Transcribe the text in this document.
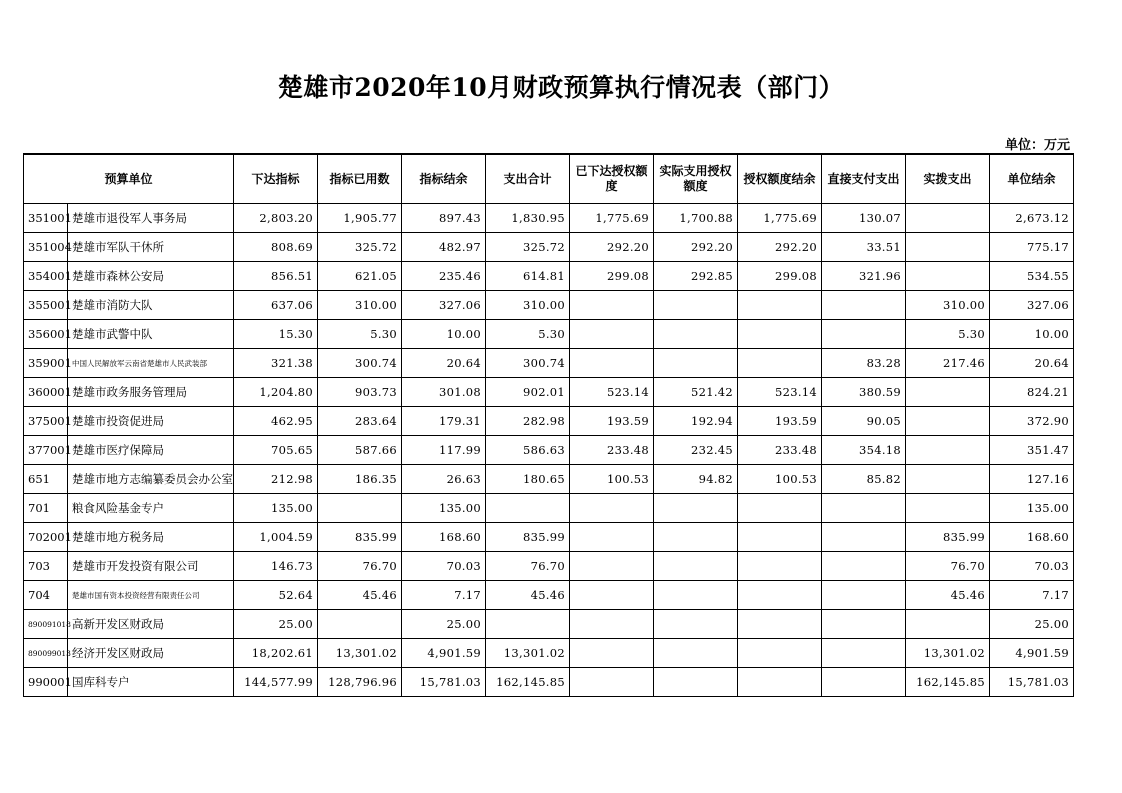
楚雄市2020年10月财政预算执行情况表（部门）
单位：万元
预算单位		下达指标	指标已用数	指标结余	支出合计	已下达授权额度	实际支用授权额度	授权额度结余	直接支付支出	实拨支出	单位结余
351001	楚雄市退役军人事务局	2,803.20	1,905.77	897.43	1,830.95	1,775.69	1,700.88	1,775.69	130.07		2,673.12
351004	楚雄市军队干休所	808.69	325.72	482.97	325.72	292.20	292.20	292.20	33.51		775.17
354001	楚雄市森林公安局	856.51	621.05	235.46	614.81	299.08	292.85	299.08	321.96		534.55
355001	楚雄市消防大队	637.06	310.00	327.06	310.00					310.00	327.06
356001	楚雄市武警中队	15.30	5.30	10.00	5.30					5.30	10.00
359001	中国人民解放军云南省楚雄市人民武装部	321.38	300.74	20.64	300.74				83.28	217.46	20.64
360001	楚雄市政务服务管理局	1,204.80	903.73	301.08	902.01	523.14	521.42	523.14	380.59		824.21
375001	楚雄市投资促进局	462.95	283.64	179.31	282.98	193.59	192.94	193.59	90.05		372.90
377001	楚雄市医疗保障局	705.65	587.66	117.99	586.63	233.48	232.45	233.48	354.18		351.47
651	楚雄市地方志编纂委员会办公室	212.98	186.35	26.63	180.65	100.53	94.82	100.53	85.82		127.16
701	粮食风险基金专户	135.00		135.00							135.00
702001	楚雄市地方税务局	1,004.59	835.99	168.60	835.99					835.99	168.60
703	楚雄市开发投资有限公司	146.73	76.70	70.03	76.70					76.70	70.03
704	楚雄市国有资本投资经营有限责任公司	52.64	45.46	7.17	45.46					45.46	7.17
890091018	高新开发区财政局	25.00		25.00							25.00
890099013	经济开发区财政局	18,202.61	13,301.02	4,901.59	13,301.02					13,301.02	4,901.59
990001	国库科专户	144,577.99	128,796.96	15,781.03	162,145.85					162,145.85	15,781.03
